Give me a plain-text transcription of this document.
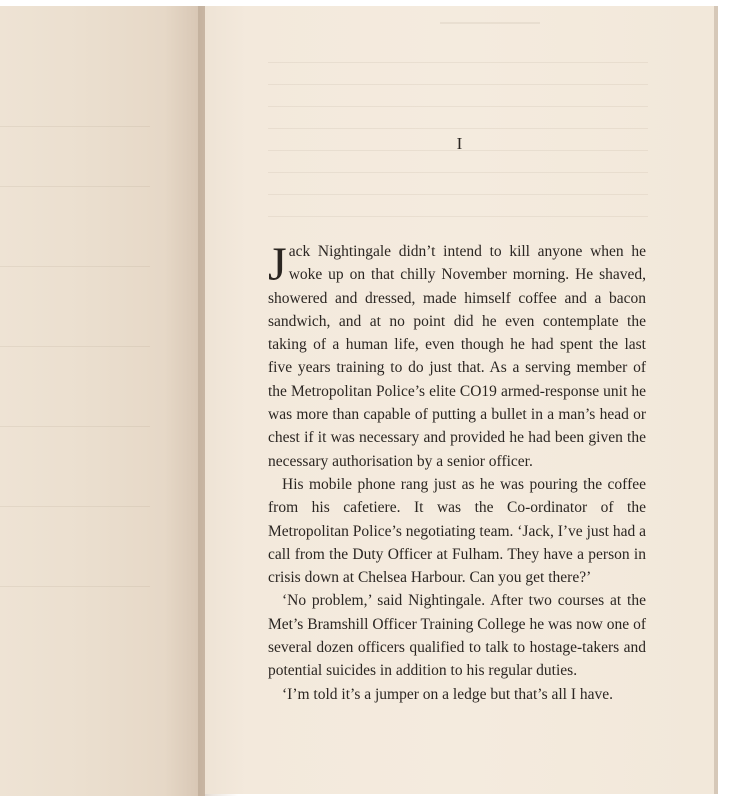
I

Jack Nightingale didn’t intend to kill anyone when he woke up on that chilly November morning. He shaved, showered and dressed, made himself coffee and a bacon sandwich, and at no point did he even contemplate the taking of a human life, even though he had spent the last five years training to do just that. As a serving member of the Metropolitan Police’s elite CO19 armed-response unit he was more than capable of putting a bullet in a man’s head or chest if it was necessary and provided he had been given the necessary authorisation by a senior officer.

His mobile phone rang just as he was pouring the coffee from his cafetiere. It was the Co-ordinator of the Metropolitan Police’s negotiating team. ‘Jack, I’ve just had a call from the Duty Officer at Fulham. They have a person in crisis down at Chelsea Harbour. Can you get there?’

‘No problem,’ said Nightingale. After two courses at the Met’s Bramshill Officer Training College he was now one of several dozen officers qualified to talk to hostage-takers and potential suicides in addition to his regular duties.

‘I’m told it’s a jumper on a ledge but that’s all I have.
